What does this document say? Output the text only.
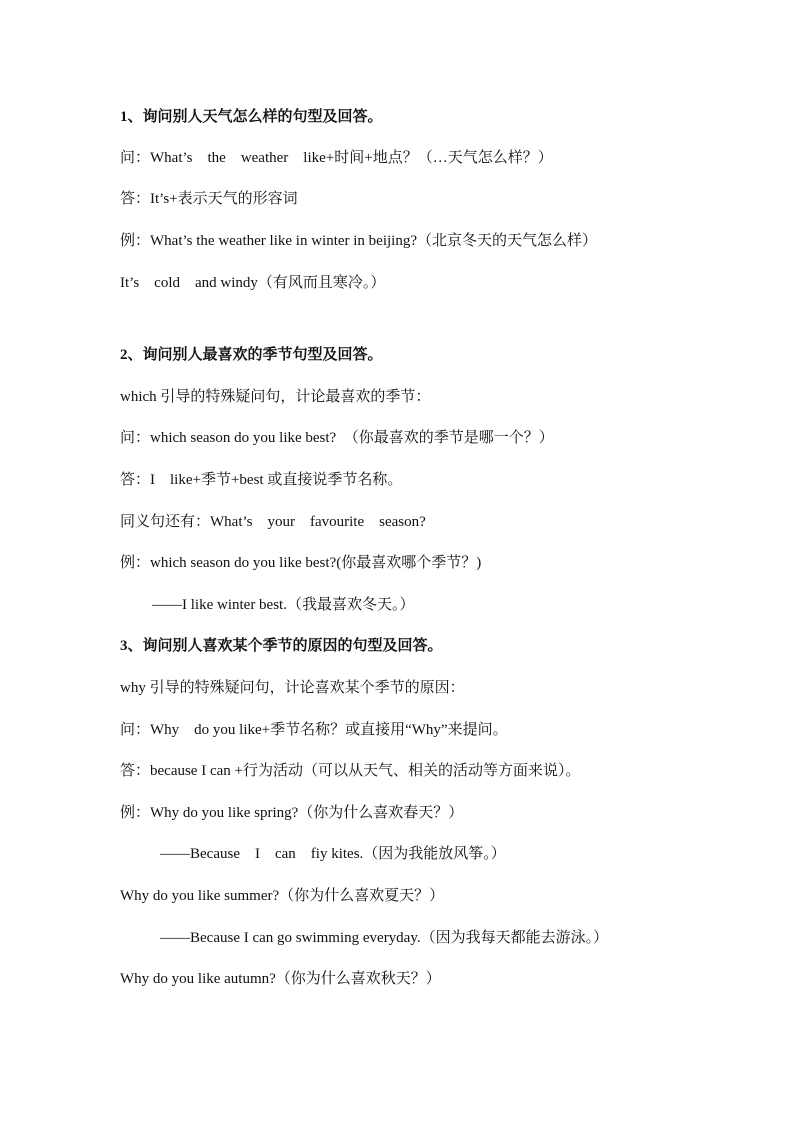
1、询问别人天气怎么样的句型及回答。
问：What’s    the    weather    like+时间+地点？（…天气怎么样？）
答：It’s+表示天气的形容词
例：What’s the weather like in winter in beijing?（北京冬天的天气怎么样）
It’s    cold    and windy（有风而且寒冷。）
2、询问别人最喜欢的季节句型及回答。
which 引导的特殊疑问句，计论最喜欢的季节：
问：which season do you like best?  （你最喜欢的季节是哪一个？）
答：I    like+季节+best 或直接说季节名称。
同义句还有：What’s    your    favourite    season?
例：which season do you like best?(你最喜欢哪个季节？)
——I like winter best.（我最喜欢冬天。）
3、询问别人喜欢某个季节的原因的句型及回答。
why 引导的特殊疑问句，计论喜欢某个季节的原因：
问：Why    do you like+季节名称？或直接用“Why”来提问。
答：because I can +行为活动（可以从天气、相关的活动等方面来说）。
例：Why do you like spring?（你为什么喜欢春天？）
——Because    I    can    fiy kites.（因为我能放风筝。）
Why do you like summer?（你为什么喜欢夏天？）
——Because I can go swimming everyday.（因为我每天都能去游泳。）
Why do you like autumn?（你为什么喜欢秋天？）
